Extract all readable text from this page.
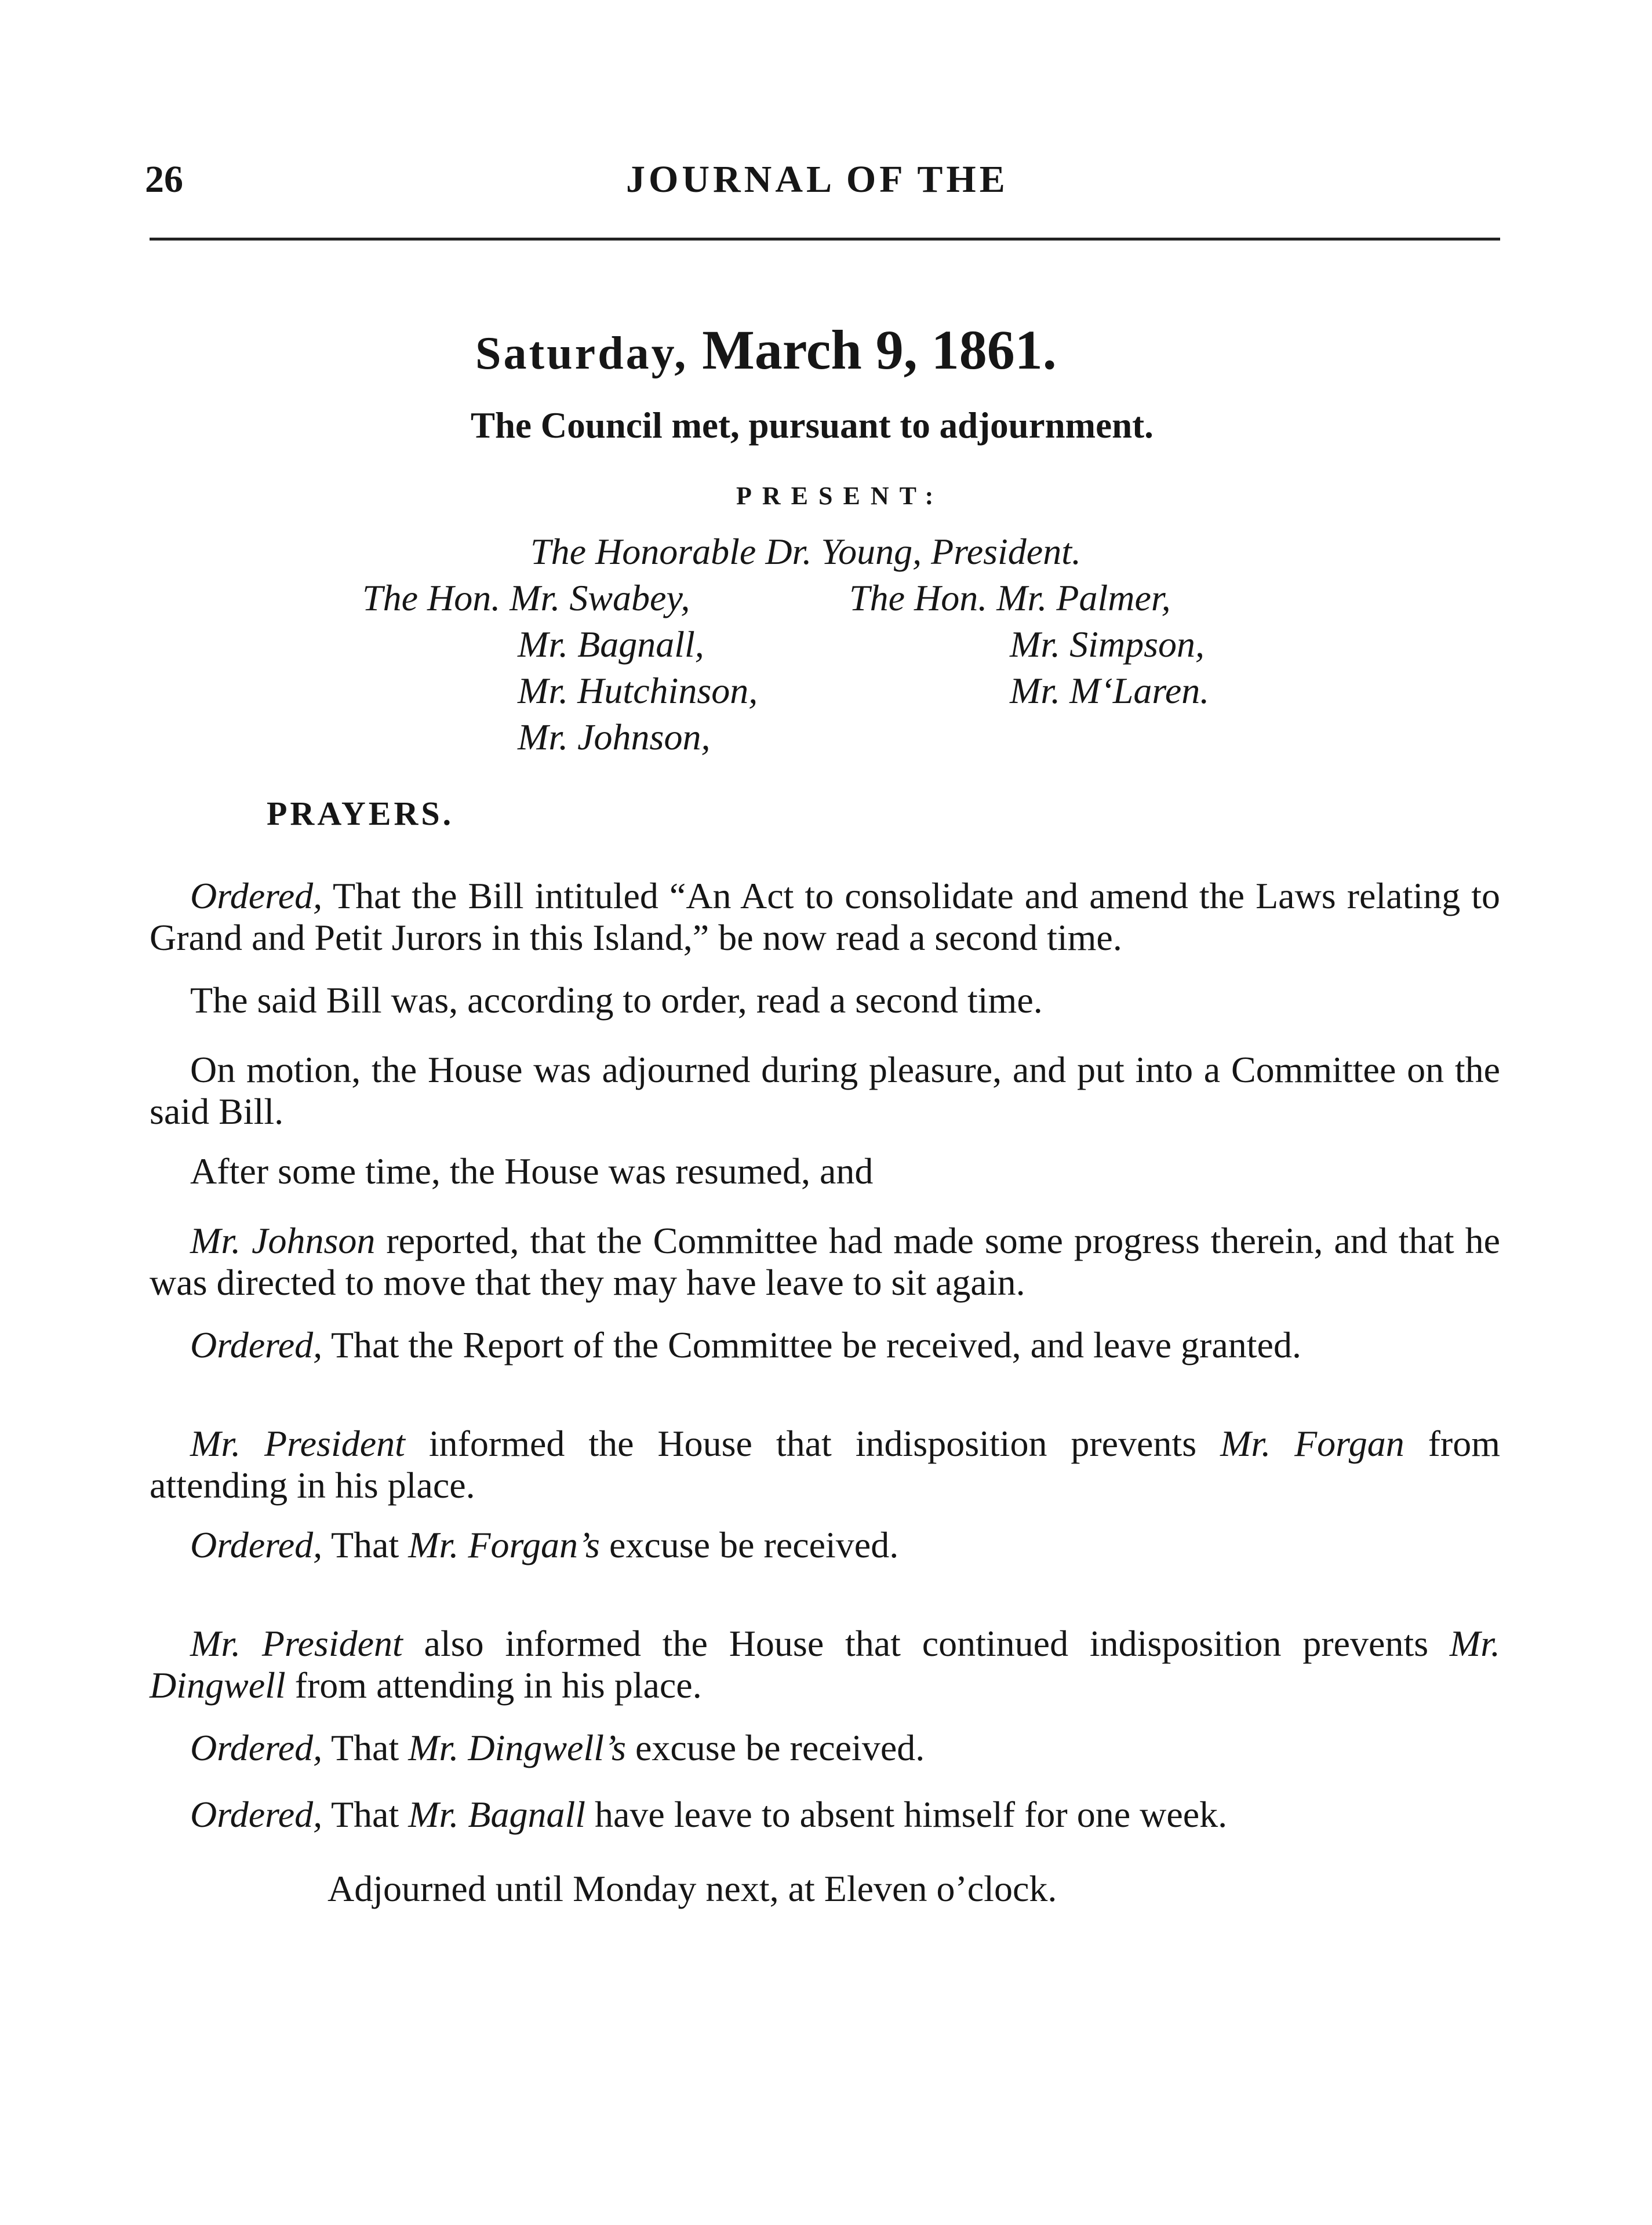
26	JOURNAL OF THE
Saturday, March 9, 1861.
The Council met, pursuant to adjournment.
PRESENT:
The Honorable Dr. Young, President.
The Hon. Mr. Swabey,
Mr. Bagnall,
Mr. Hutchinson,
Mr. Johnson,
The Hon. Mr. Palmer,
Mr. Simpson,
Mr. M‘Laren.
PRAYERS.

Ordered, That the Bill intituled “An Act to consolidate and amend the Laws relating to Grand and Petit Jurors in this Island,” be now read a second time.

The said Bill was, according to order, read a second time.

On motion, the House was adjourned during pleasure, and put into a Committee on the said Bill.

After some time, the House was resumed, and

Mr. Johnson reported, that the Committee had made some progress therein, and that he was directed to move that they may have leave to sit again.

Ordered, That the Report of the Committee be received, and leave granted.

Mr. President informed the House that indisposition prevents Mr. Forgan from attending in his place.

Ordered, That Mr. Forgan’s excuse be received.

Mr. President also informed the House that continued indisposition prevents Mr. Dingwell from attending in his place.

Ordered, That Mr. Dingwell’s excuse be received.

Ordered, That Mr. Bagnall have leave to absent himself for one week.

Adjourned until Monday next, at Eleven o’clock.
